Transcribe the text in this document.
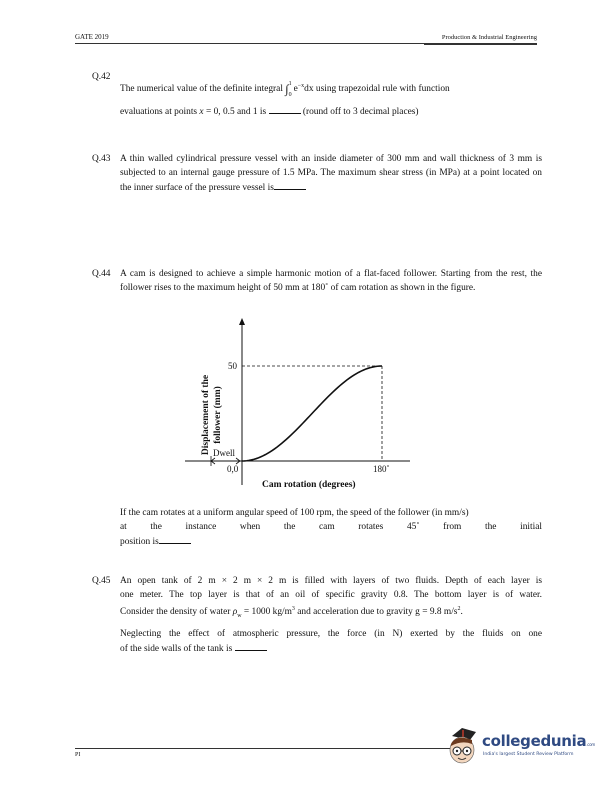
GATE 2019	Production & Industrial Engineering
Q.42
The numerical value of the definite integral ∫ 1
0
$e^{-x}dx$ using trapezoidal rule with function
evaluations at points x = 0, 0.5 and 1 is	(round off to 3 decimal places)
Q.43 A thin walled cylindrical pressure vessel with an inside diameter of 300 mm and wall thickness of 3 mm is subjected to an internal gauge pressure of 1.5 MPa. The maximum shear stress (in MPa) at a point located on the inner surface of the pressure vessel is
Q.44 A cam is designed to achieve a simple harmonic motion of a flat-faced follower. Starting from the rest, the follower rises to the maximum height of 50 mm at 180˚ of cam rotation as shown in the figure.
Dwell
0,0
50
180˚
Cam rotation (degrees)
Displacement of the follower (mm)
If the cam rotates at a uniform angular speed of 100 rpm, the speed of the follower (in mm/s)
at the instance when the cam rotates 45˚ from the initial
position is
Q.45 An open tank of 2 m × 2 m × 2 m is filled with layers of two fluids. Depth of each layer is
one meter. The top layer is that of an oil of specific gravity 0.8. The bottom layer is of water.
Consider the density of water $\rho_w = 1000$ $kg/m^3$ and acceleration due to gravity g = 9.8 $m/s^2$.
Neglecting the effect of atmospheric pressure, the force (in N) exerted by the fluids on one
of the side walls of the tank is
PI
collegedunia.com
India's largest Student Review Platform
